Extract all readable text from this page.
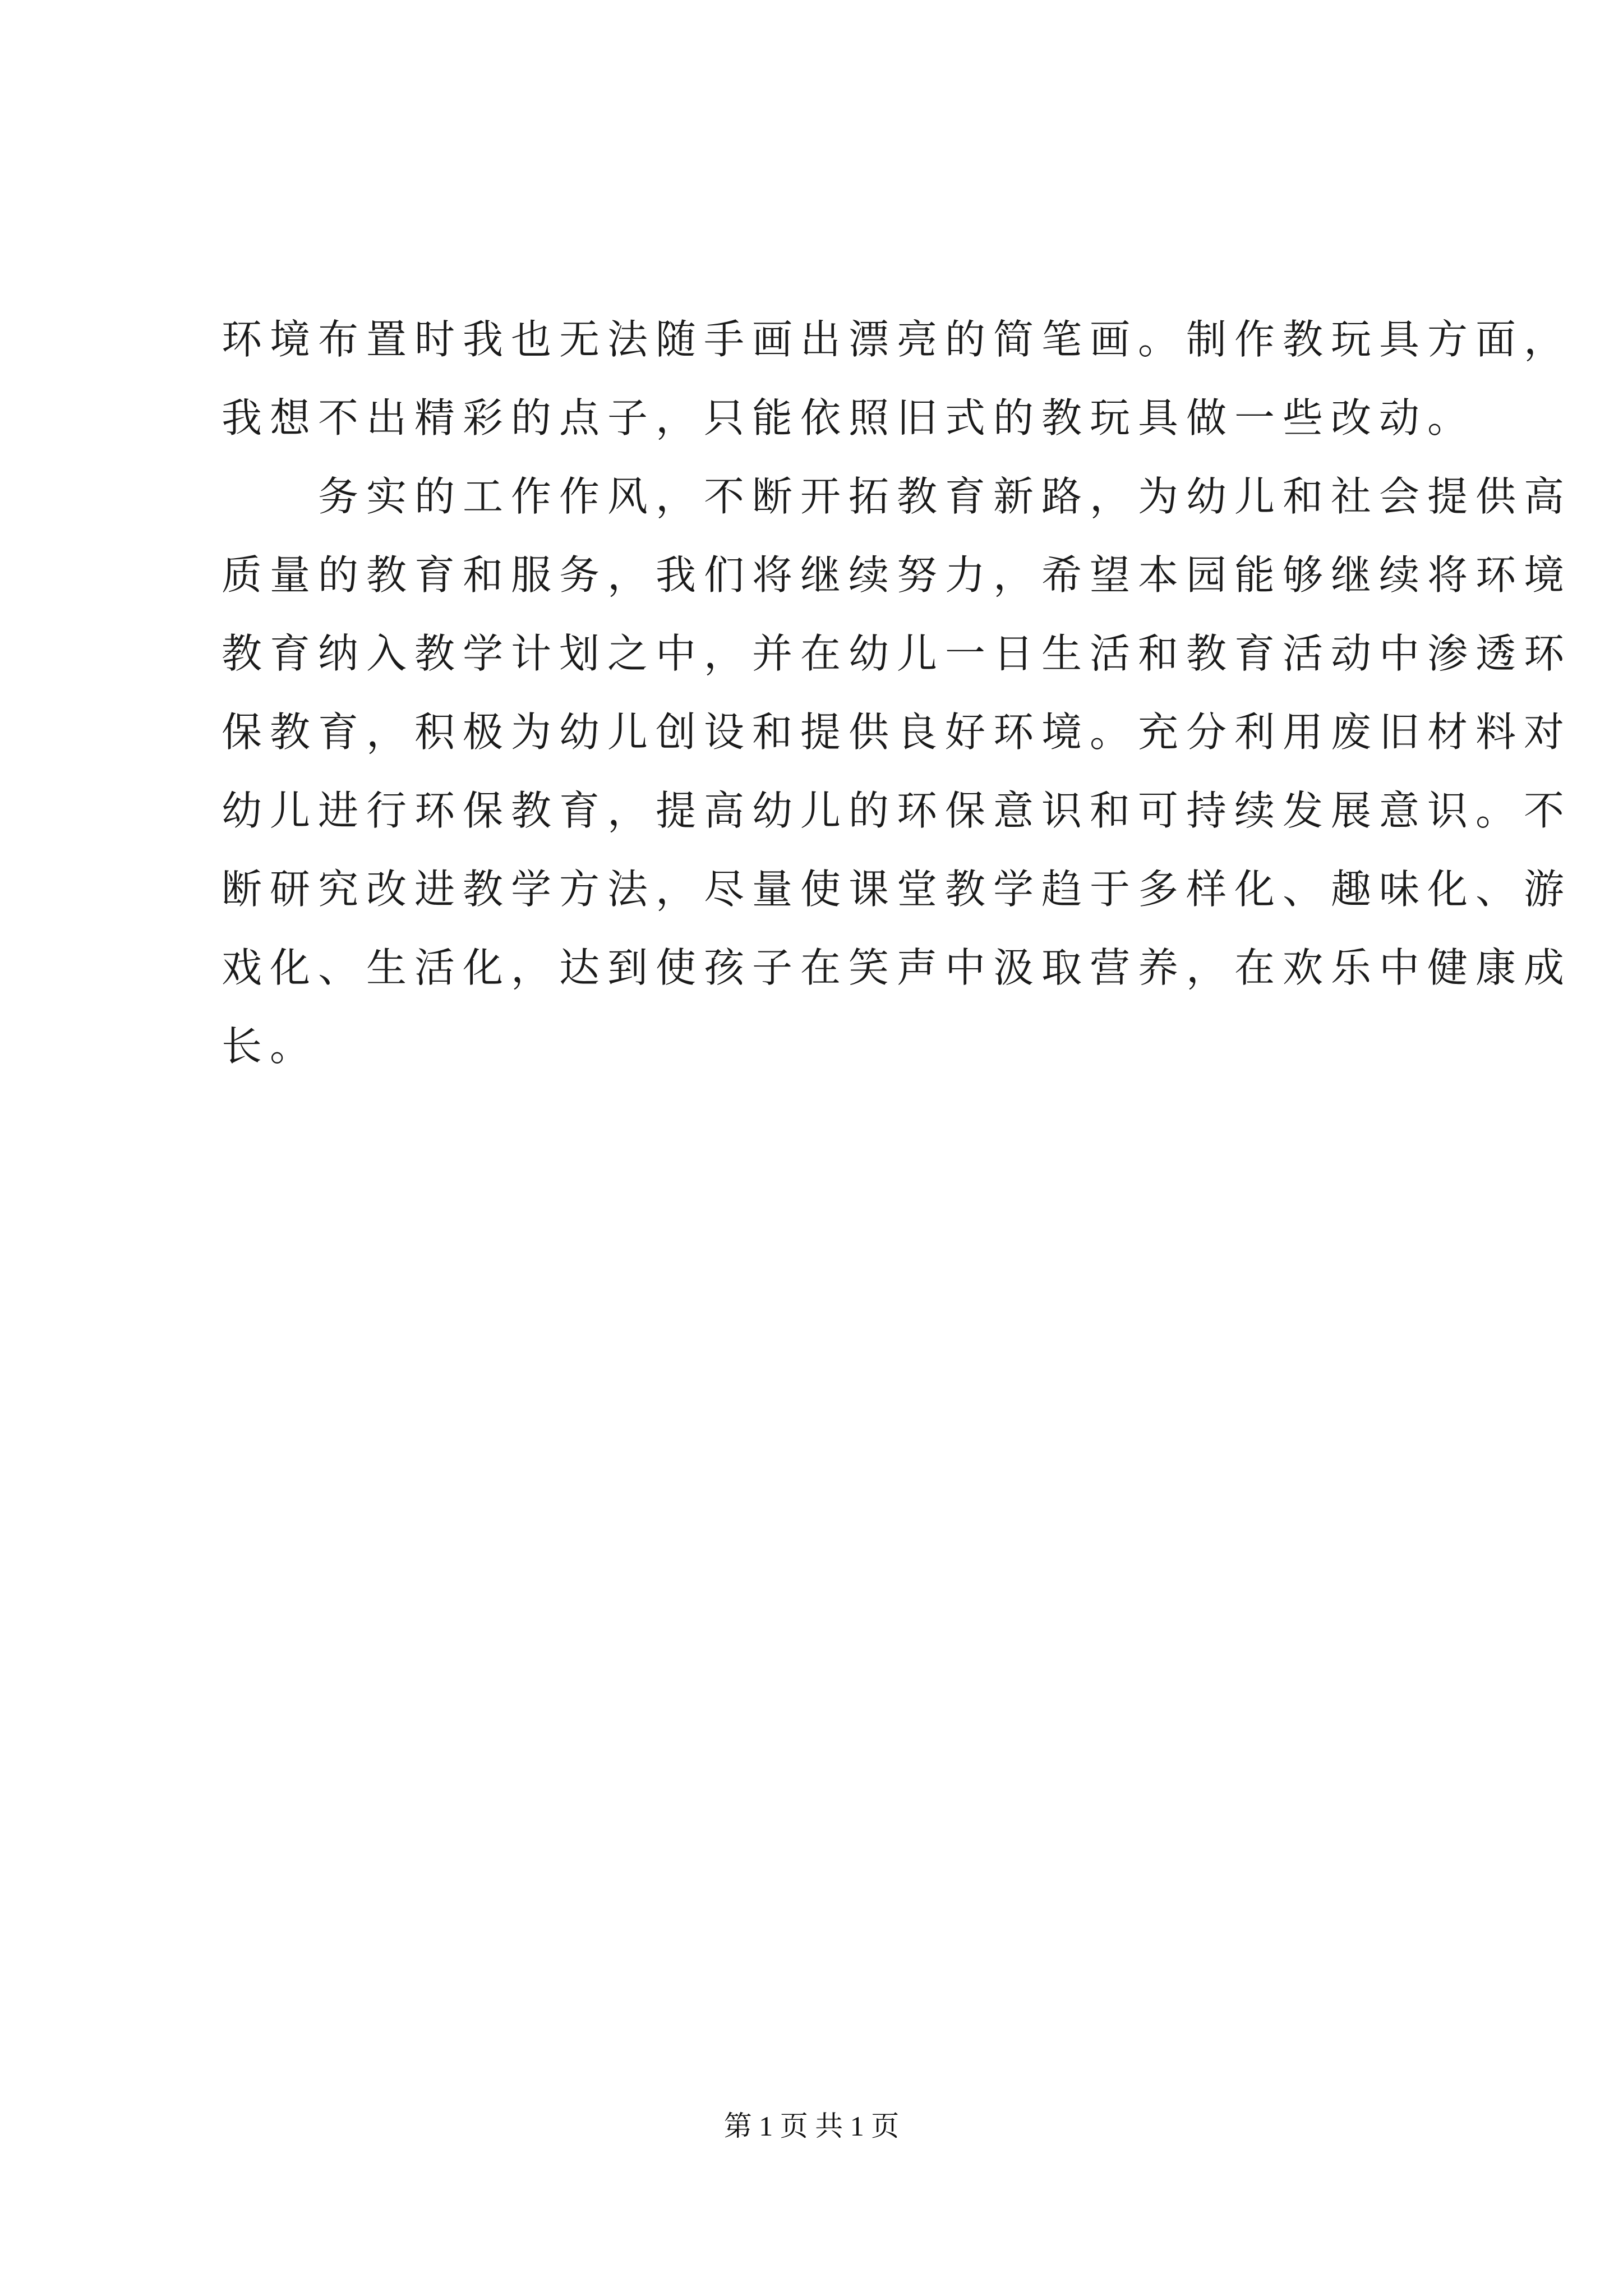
环境布置时我也无法随手画出漂亮的简笔画。制作教玩具方面，
我想不出精彩的点子，只能依照旧式的教玩具做一些改动。
　　务实的工作作风，不断开拓教育新路，为幼儿和社会提供高
质量的教育和服务，我们将继续努力，希望本园能够继续将环境
教育纳入教学计划之中，并在幼儿一日生活和教育活动中渗透环
保教育，积极为幼儿创设和提供良好环境。充分利用废旧材料对
幼儿进行环保教育，提高幼儿的环保意识和可持续发展意识。不
断研究改进教学方法，尽量使课堂教学趋于多样化、趣味化、游
戏化、生活化，达到使孩子在笑声中汲取营养，在欢乐中健康成
长。
第 1 页 共 1 页
